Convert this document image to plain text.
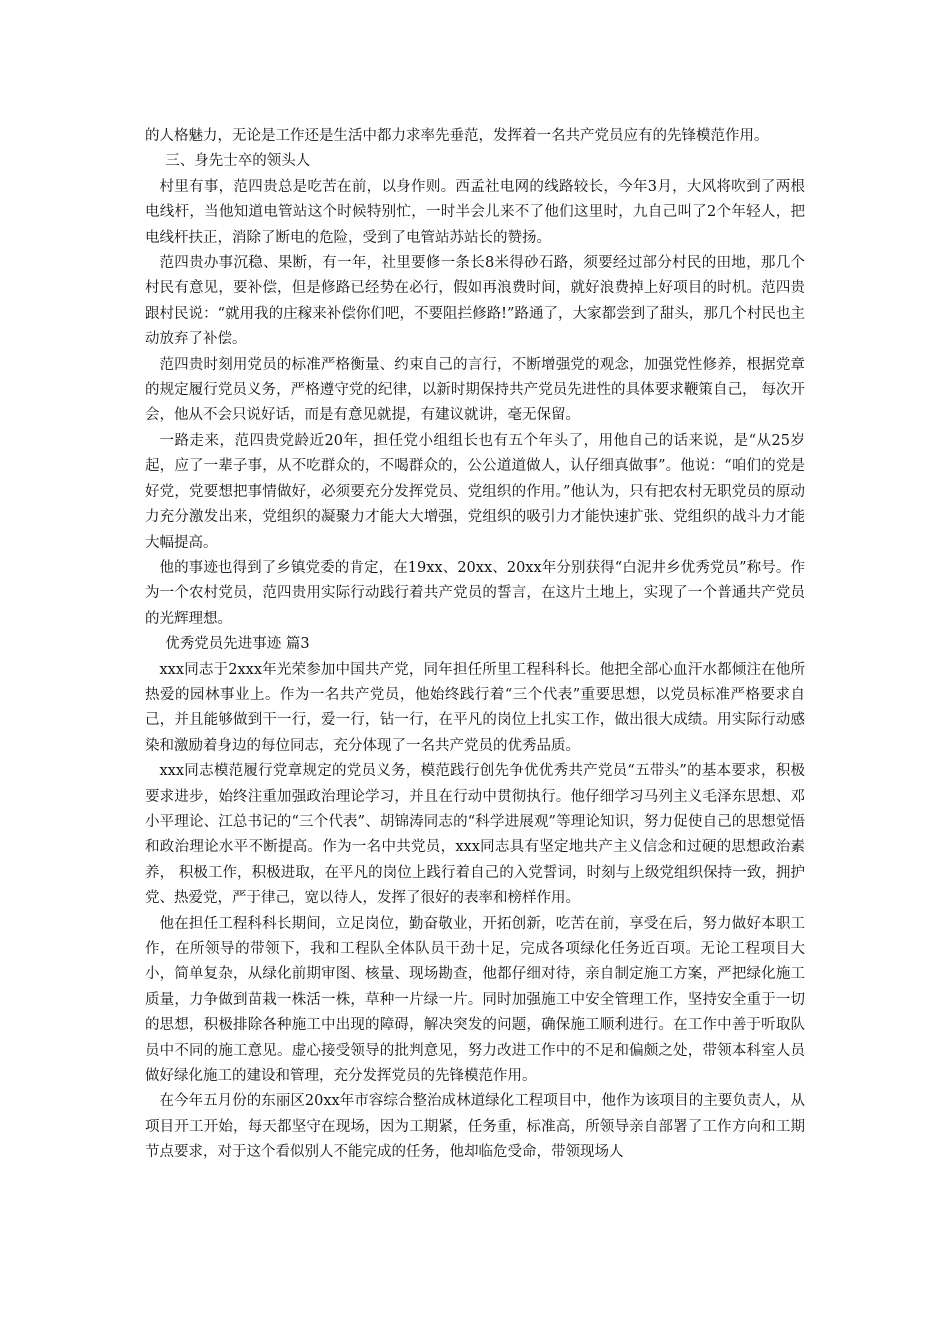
的人格魅力，无论是工作还是生活中都力求率先垂范，发挥着一名共产党员应有的先锋模范作用。

三、身先士卒的领头人

村里有事，范四贵总是吃苦在前，以身作则。西孟社电网的线路较长，今年3月，大风将吹到了两根电线杆，当他知道电管站这个时候特别忙，一时半会儿来不了他们这里时，九自己叫了2个年轻人，把电线杆扶正，消除了断电的危险，受到了电管站苏站长的赞扬。

范四贵办事沉稳、果断，有一年，社里要修一条长8米得砂石路，须要经过部分村民的田地，那几个村民有意见，要补偿，但是修路已经势在必行，假如再浪费时间，就好浪费掉上好项目的时机。范四贵跟村民说：“就用我的庄稼来补偿你们吧，不要阻拦修路!”路通了，大家都尝到了甜头，那几个村民也主动放弃了补偿。

范四贵时刻用党员的标准严格衡量、约束自己的言行，不断增强党的观念，加强党性修养，根据党章的规定履行党员义务，严格遵守党的纪律，以新时期保持共产党员先进性的具体要求鞭策自己， 每次开会，他从不会只说好话，而是有意见就提，有建议就讲，毫无保留。

一路走来，范四贵党龄近20年，担任党小组组长也有五个年头了，用他自己的话来说，是“从25岁起，应了一辈子事，从不吃群众的，不喝群众的，公公道道做人，认仔细真做事”。他说：“咱们的党是好党，党要想把事情做好，必须要充分发挥党员、党组织的作用。”他认为，只有把农村无职党员的原动力充分激发出来，党组织的凝聚力才能大大增强，党组织的吸引力才能快速扩张、党组织的战斗力才能大幅提高。

他的事迹也得到了乡镇党委的肯定，在19xx、20xx、20xx年分别获得“白泥井乡优秀党员”称号。作为一个农村党员，范四贵用实际行动践行着共产党员的誓言，在这片土地上，实现了一个普通共产党员的光辉理想。

优秀党员先进事迹 篇3

xxx同志于2xxx年光荣参加中国共产党，同年担任所里工程科科长。他把全部心血汗水都倾注在他所热爱的园林事业上。作为一名共产党员，他始终践行着“三个代表”重要思想，以党员标准严格要求自己，并且能够做到干一行，爱一行，钻一行，在平凡的岗位上扎实工作，做出很大成绩。用实际行动感染和激励着身边的每位同志，充分体现了一名共产党员的优秀品质。

xxx同志模范履行党章规定的党员义务，模范践行创先争优优秀共产党员“五带头”的基本要求，积极要求进步，始终注重加强政治理论学习，并且在行动中贯彻执行。他仔细学习马列主义毛泽东思想、邓小平理论、江总书记的“三个代表”、胡锦涛同志的“科学进展观”等理论知识，努力促使自己的思想觉悟和政治理论水平不断提高。作为一名中共党员，xxx同志具有坚定地共产主义信念和过硬的思想政治素养， 积极工作，积极进取，在平凡的岗位上践行着自己的入党誓词，时刻与上级党组织保持一致，拥护党、热爱党，严于律己，宽以待人，发挥了很好的表率和榜样作用。

他在担任工程科科长期间，立足岗位，勤奋敬业，开拓创新，吃苦在前，享受在后，努力做好本职工作，在所领导的带领下，我和工程队全体队员干劲十足，完成各项绿化任务近百项。无论工程项目大小，简单复杂，从绿化前期审图、核量、现场勘查，他都仔细对待，亲自制定施工方案，严把绿化施工质量，力争做到苗栽一株活一株，草种一片绿一片。同时加强施工中安全管理工作，坚持安全重于一切的思想，积极排除各种施工中出现的障碍，解决突发的问题，确保施工顺利进行。在工作中善于听取队员中不同的施工意见。虚心接受领导的批判意见，努力改进工作中的不足和偏颇之处，带领本科室人员做好绿化施工的建设和管理，充分发挥党员的先锋模范作用。

在今年五月份的东丽区20xx年市容综合整治成林道绿化工程项目中，他作为该项目的主要负责人，从项目开工开始，每天都坚守在现场，因为工期紧，任务重，标准高，所领导亲自部署了工作方向和工期节点要求，对于这个看似别人不能完成的任务，他却临危受命，带领现场人
